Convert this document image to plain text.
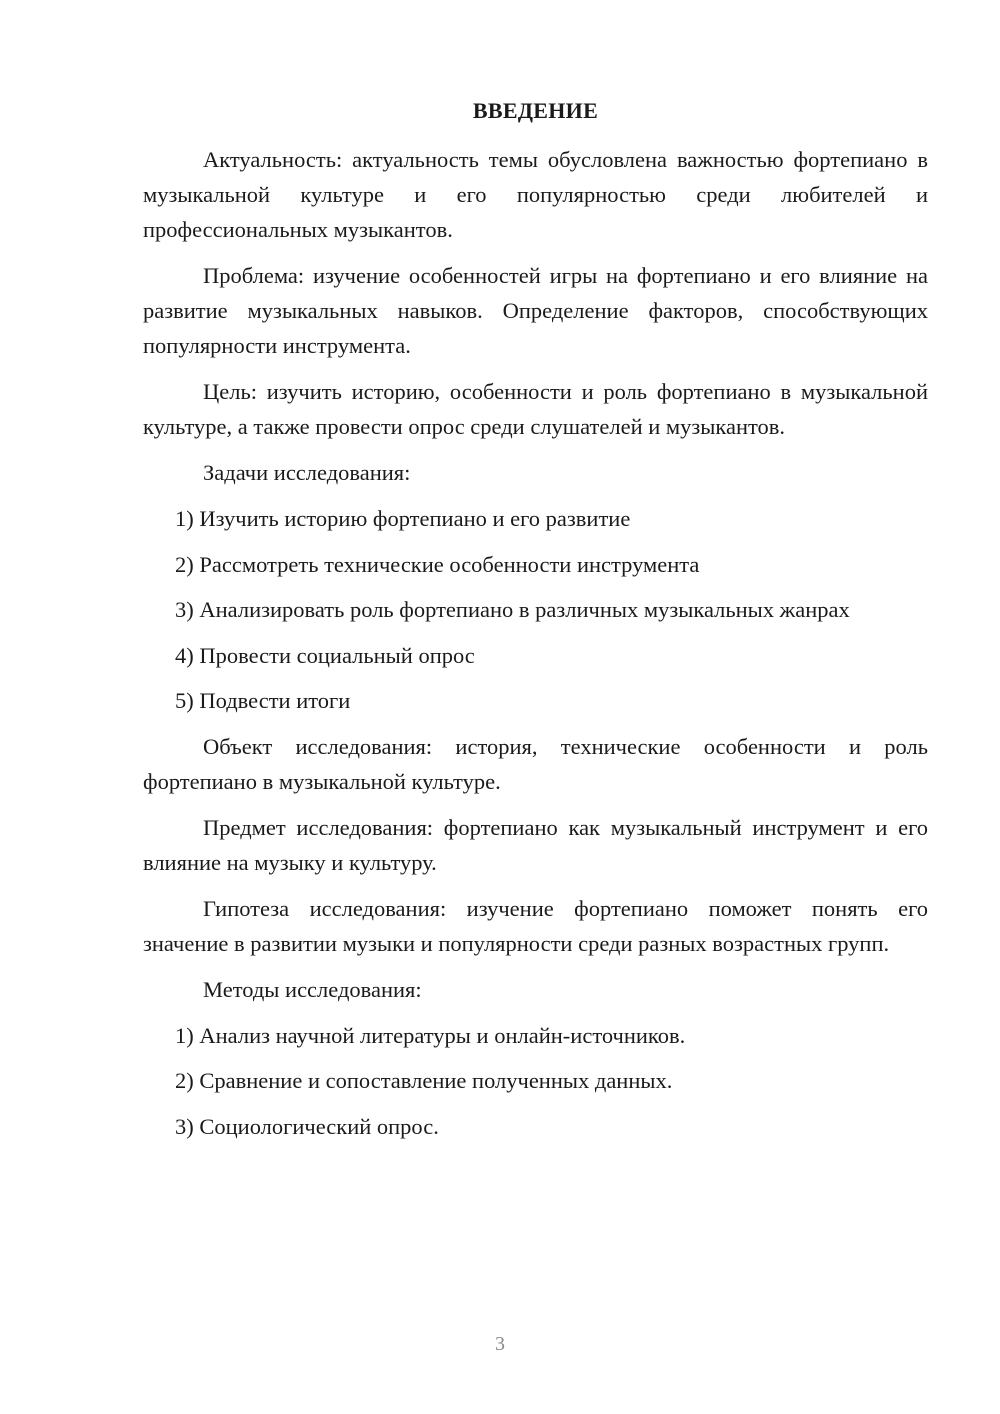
ВВЕДЕНИЕ

Актуальность: актуальность темы обусловлена важностью фортепиано в музыкальной культуре и его популярностью среди любителей и профессиональных музыкантов.

Проблема: изучение особенностей игры на фортепиано и его влияние на развитие музыкальных навыков. Определение факторов, способствующих популярности инструмента.

Цель: изучить историю, особенности и роль фортепиано в музыкальной культуре, а также провести опрос среди слушателей и музыкантов.

Задачи исследования:

1) Изучить историю фортепиано и его развитие
2) Рассмотреть технические особенности инструмента
3) Анализировать роль фортепиано в различных музыкальных жанрах
4) Провести социальный опрос
5) Подвести итоги

Объект исследования: история, технические особенности и роль фортепиано в музыкальной культуре.

Предмет исследования: фортепиано как музыкальный инструмент и его влияние на музыку и культуру.

Гипотеза исследования: изучение фортепиано поможет понять его значение в развитии музыки и популярности среди разных возрастных групп.

Методы исследования:

1) Анализ научной литературы и онлайн-источников.
2) Сравнение и сопоставление полученных данных.
3) Социологический опрос.
3
